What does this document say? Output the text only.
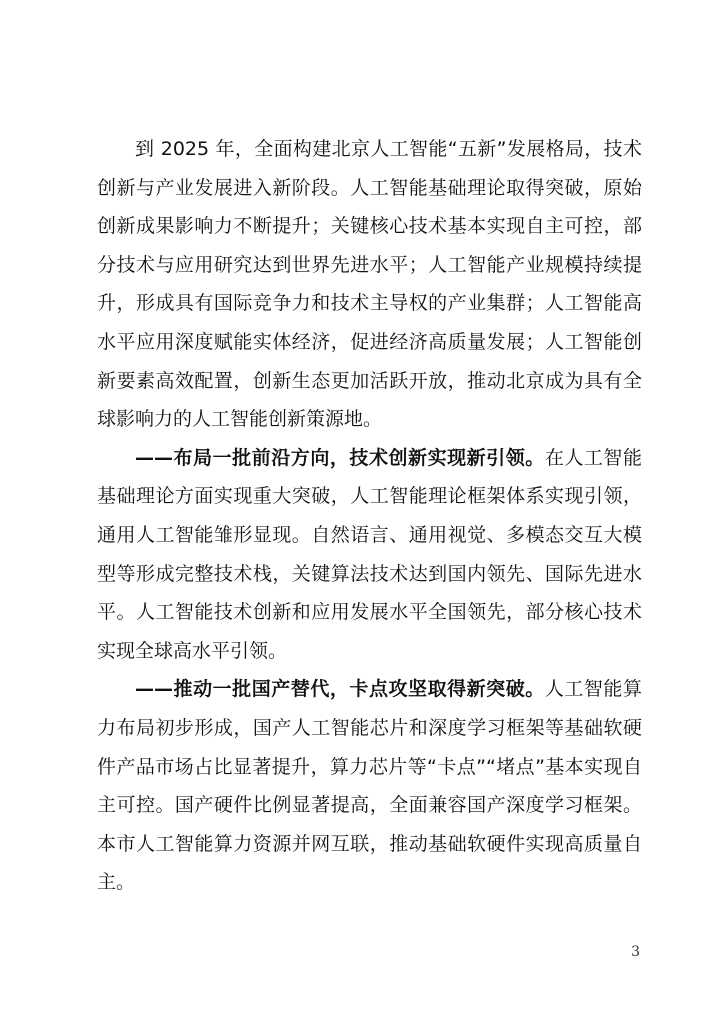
到 2025 年，全面构建北京人工智能“五新”发展格局，技术创新与产业发展进入新阶段。人工智能基础理论取得突破，原始创新成果影响力不断提升；关键核心技术基本实现自主可控，部分技术与应用研究达到世界先进水平；人工智能产业规模持续提升，形成具有国际竞争力和技术主导权的产业集群；人工智能高水平应用深度赋能实体经济，促进经济高质量发展；人工智能创新要素高效配置，创新生态更加活跃开放，推动北京成为具有全球影响力的人工智能创新策源地。

——布局一批前沿方向，技术创新实现新引领。在人工智能基础理论方面实现重大突破，人工智能理论框架体系实现引领，通用人工智能雏形显现。自然语言、通用视觉、多模态交互大模型等形成完整技术栈，关键算法技术达到国内领先、国际先进水平。人工智能技术创新和应用发展水平全国领先，部分核心技术实现全球高水平引领。

——推动一批国产替代，卡点攻坚取得新突破。人工智能算力布局初步形成，国产人工智能芯片和深度学习框架等基础软硬件产品市场占比显著提升，算力芯片等“卡点”“堵点”基本实现自主可控。国产硬件比例显著提高，全面兼容国产深度学习框架。本市人工智能算力资源并网互联，推动基础软硬件实现高质量自主。

3
